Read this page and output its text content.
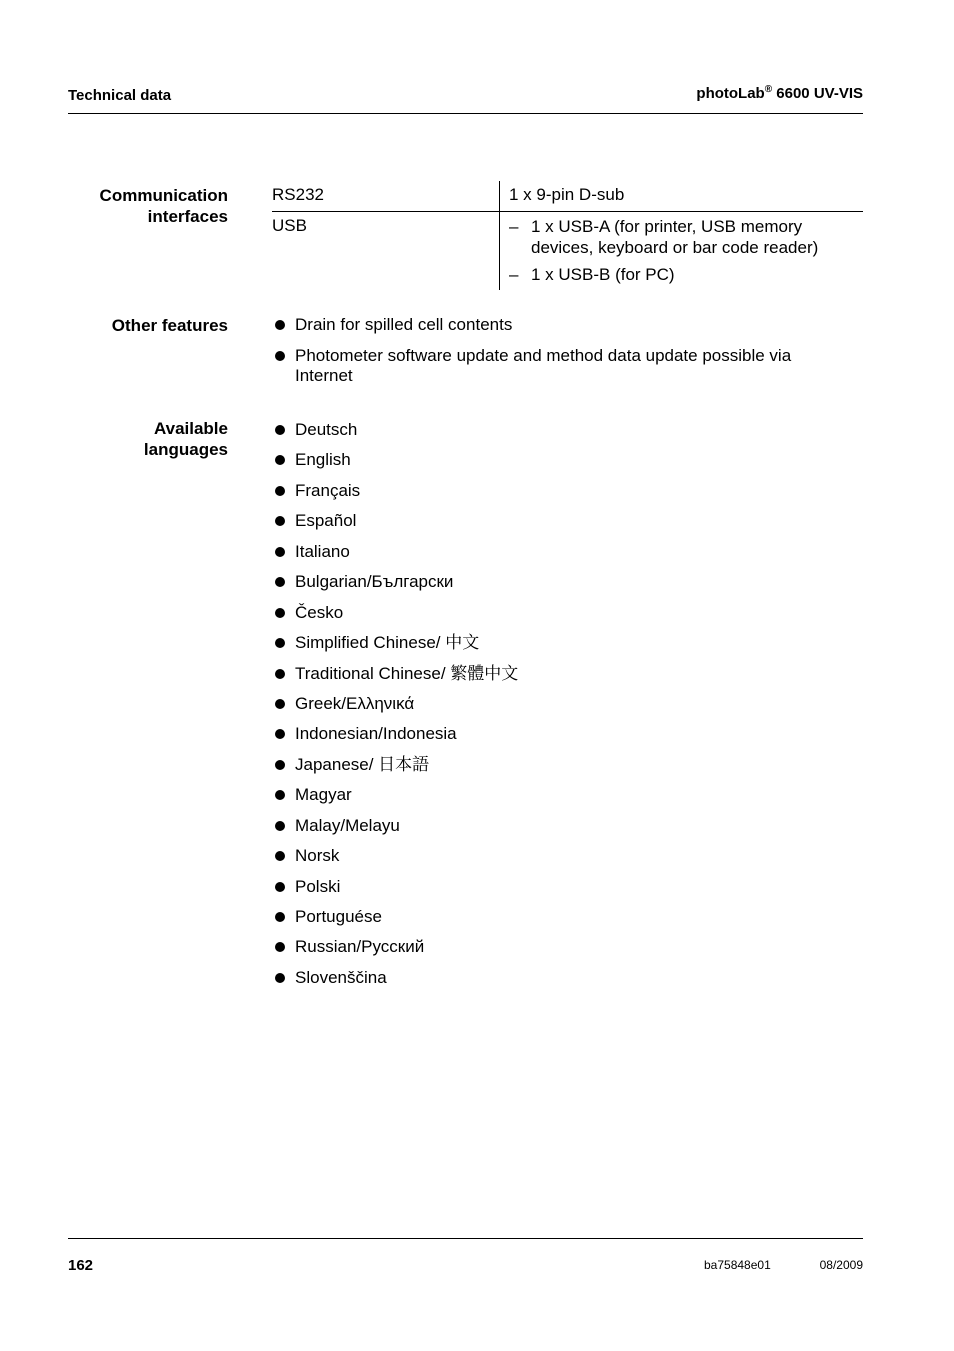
Technical data	photoLab® 6600 UV-VIS
Communication
interfaces
RS232	1 x 9-pin D-sub
USB	– 1 x USB-A (for printer, USB memory
devices, keyboard or bar code reader)
– 1 x USB-B (for PC)
Other features	Drain for spilled cell contents
Photometer software update and method data update possible via Internet
Available
languages
Deutsch
English
Français
Español
Italiano
Bulgarian/Български
Česko
Simplified Chinese/ 中文
Traditional Chinese/ 繁體中文
Greek/Ελληνικά
Indonesian/Indonesia
Japanese/ 日本語
Magyar
Malay/Melayu
Norsk
Polski
Portuguése
Russian/Русский
Slovenščina
162	ba75848e01	08/2009
